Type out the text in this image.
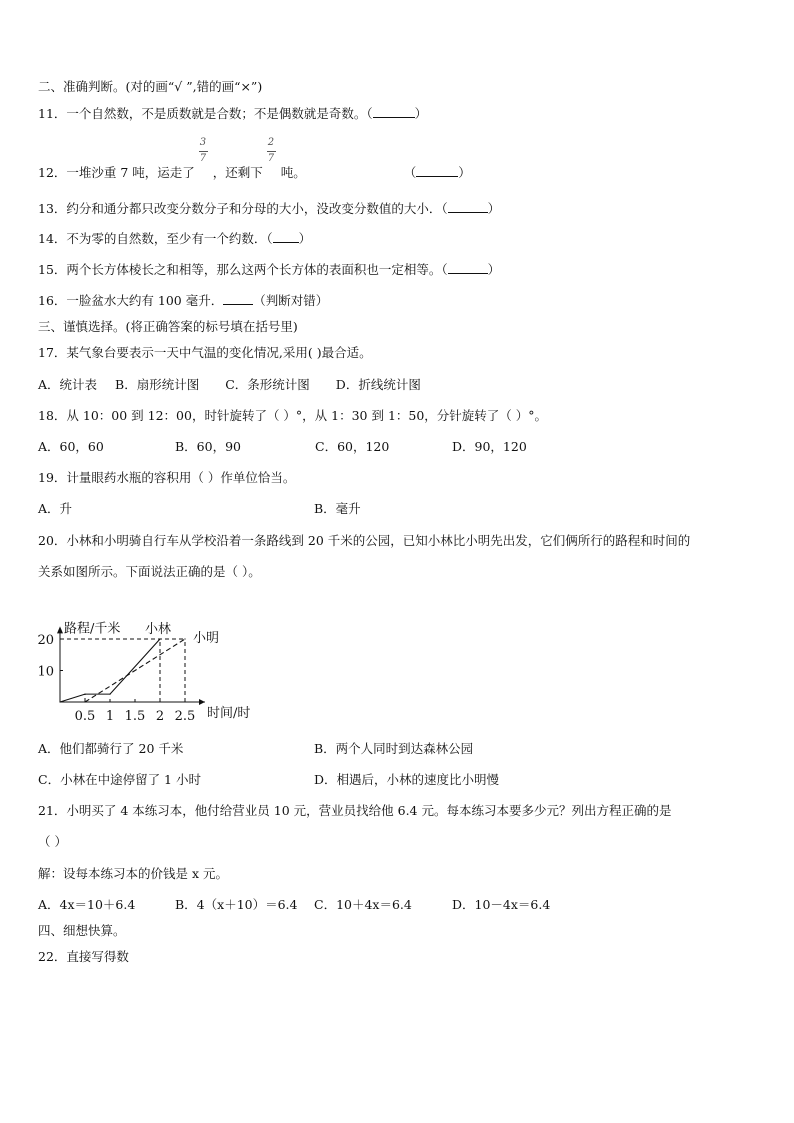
二、准确判断。(对的画“√ ”,错的画“×”)
11．一个自然数，不是质数就是合数；不是偶数就是奇数。（	）
12．一堆沙重 7 吨，运走了 $\frac{3}{7}$ ，还剩下 $\frac{2}{7}$ 吨。	（	）
13．约分和通分都只改变分数分子和分母的大小，没改变分数值的大小．（	）
14．不为零的自然数，至少有一个约数．（ ）
15．两个长方体棱长之和相等，那么这两个长方体的表面积也一定相等。（	）
16．一脸盆水大约有 100 毫升． （判断对错）
三、谨慎选择。(将正确答案的标号填在括号里)
17．某气象台要表示一天中气温的变化情况,采用( )最合适。
A．统计表 B．扇形统计图 C．条形统计图 D．折线统计图
18．从 10：00 到 12：00，时针旋转了（ ）°，从 1：30 到 1：50，分针旋转了（ ）°。
A．60，60	B．60，90	C．60，120	D．90，120
19．计量眼药水瓶的容积用（ ）作单位恰当。
A．升	B．毫升
20．小林和小明骑自行车从学校沿着一条路线到 20 千米的公园，已知小林比小明先出发，它们俩所行的路程和时间的
关系如图所示。下面说法正确的是（ ）。
路程/千米
时间/时
0.5 1 1.5 2 2.5
10
20
小林
小明
A．他们都骑行了 20 千米	B．两个人同时到达森林公园
C．小林在中途停留了 1 小时	D．相遇后，小林的速度比小明慢
21．小明买了 4 本练习本，他付给营业员 10 元，营业员找给他 6.4 元。每本练习本要多少元？列出方程正确的是
（ ）
解：设每本练习本的价钱是 x 元。
A．4x＝10＋6.4	B．4（x＋10）＝6.4 C．10＋4x＝6.4	D．10－4x＝6.4
四、细想快算。
22．直接写得数
